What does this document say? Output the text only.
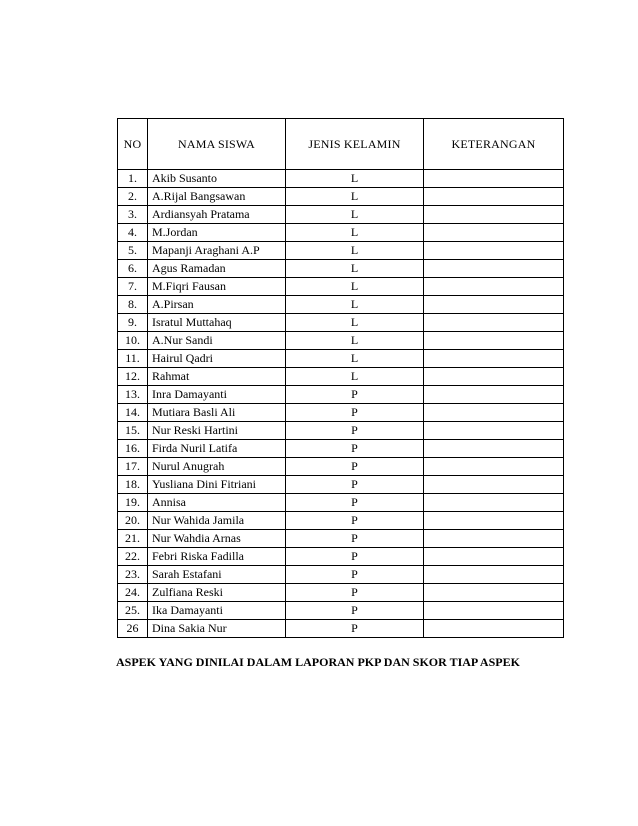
NO	NAMA SISWA	JENIS KELAMIN	KETERANGAN
1.	Akib Susanto	L	
2.	A.Rijal Bangsawan	L	
3.	Ardiansyah Pratama	L	
4.	M.Jordan	L	
5.	Mapanji Araghani A.P	L	
6.	Agus Ramadan	L	
7.	M.Fiqri Fausan	L	
8.	A.Pirsan	L	
9.	Isratul Muttahaq	L	
10.	A.Nur Sandi	L	
11.	Hairul Qadri	L	
12.	Rahmat	L	
13.	Inra Damayanti	P	
14.	Mutiara Basli Ali	P	
15.	Nur Reski Hartini	P	
16.	Firda Nuril Latifa	P	
17.	Nurul Anugrah	P	
18.	Yusliana Dini Fitriani	P	
19.	Annisa	P	
20.	Nur Wahida Jamila	P	
21.	Nur Wahdia Arnas	P	
22.	Febri Riska Fadilla	P	
23.	Sarah Estafani	P	
24.	Zulfiana Reski	P	
25.	Ika Damayanti	P	
26	Dina Sakia Nur	P	
ASPEK YANG DINILAI DALAM LAPORAN PKP DAN SKOR TIAP ASPEK
